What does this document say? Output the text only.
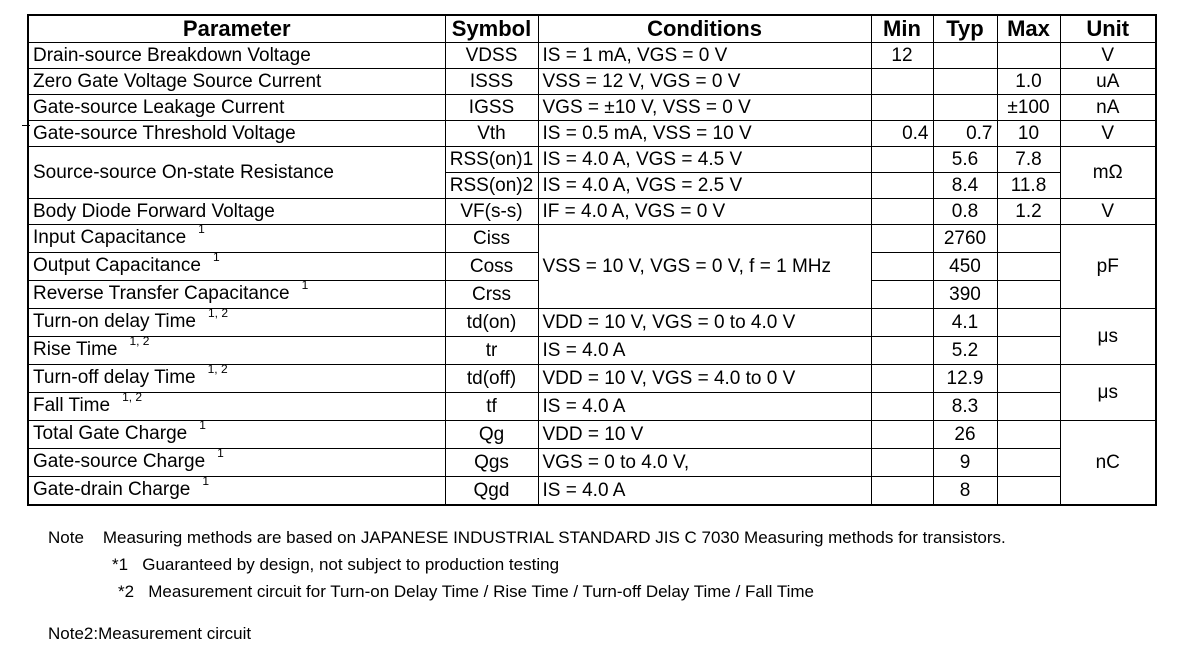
Parameter	Symbol	Conditions	Min	Typ	Max	Unit
Drain-source Breakdown Voltage	VDSS	IS = 1 mA, VGS = 0 V	12			V
Zero Gate Voltage Source Current	ISSS	VSS = 12 V, VGS = 0 V			1.0	uA
Gate-source Leakage Current	IGSS	VGS = ±10 V, VSS = 0 V			±100	nA
Gate-source Threshold Voltage	Vth	IS = 0.5 mA, VSS = 10 V	0.4	0.7	10	V
Source-source On-state Resistance	RSS(on)1	IS = 4.0 A, VGS = 4.5 V		5.6	7.8	mΩ
	RSS(on)2	IS = 4.0 A, VGS = 2.5 V		8.4	11.8	
Body Diode Forward Voltage	VF(s-s)	IF = 4.0 A, VGS = 0 V		0.8	1.2	V
Input Capacitance $^1$	Ciss	VSS = 10 V, VGS = 0 V, f = 1 MHz		2760		pF
Output Capacitance $^1$	Coss			450		
Reverse Transfer Capacitance $^1$	Crss			390		
Turn-on delay Time $^{1, 2}$	td(on)	VDD = 10 V, VGS = 0 to 4.0 V		4.1		μs
Rise Time $^{1, 2}$	tr	IS = 4.0 A		5.2		
Turn-off delay Time $^{1, 2}$	td(off)	VDD = 10 V, VGS = 4.0 to 0 V		12.9		μs
Fall Time $^{1, 2}$	tf	IS = 4.0 A		8.3		
Total Gate Charge $^1$	Qg	VDD = 10 V		26		nC
Gate-source Charge $^1$	Qgs	VGS = 0 to 4.0 V,		9		
Gate-drain Charge $^1$	Qgd	IS = 4.0 A		8		
Note Measuring methods are based on JAPANESE INDUSTRIAL STANDARD JIS C 7030 Measuring methods for transistors.
*1 Guaranteed by design, not subject to production testing
*2 Measurement circuit for Turn-on Delay Time / Rise Time / Turn-off Delay Time / Fall Time
Note2:Measurement circuit
